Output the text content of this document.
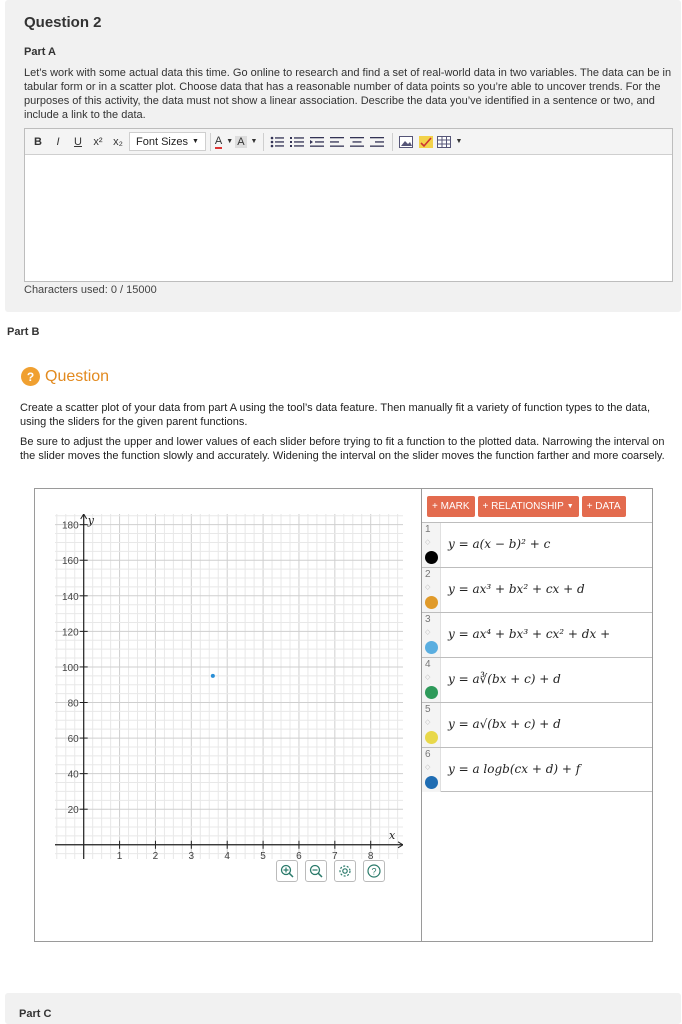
Question 2
Part A
Let’s work with some actual data this time. Go online to research and find a set of real-world data in two variables. The data can be in tabular form or in a scatter plot. Choose data that has a reasonable number of data points so you’re able to uncover trends. For the purposes of this activity, the data must not show a linear association. Describe the data you’ve identified in a sentence or two, and include a link to the data.
B	I	U	x² x₂	Font Sizes ▼ A ▼ A ▼	▼
Characters used: 0 / 15000
Part B
? Question
Create a scatter plot of your data from part A using the tool’s data feature. Then manually fit a variety of function types to the data, using the sliders for the given parent functions.
Be sure to adjust the upper and lower values of each slider before trying to fit a function to the plotted data. Narrowing the interval on the slider moves the function slowly and accurately. Widening the interval on the slider moves the function farther and more coarsely.
1	2	3	4	5	6	7	8
20
40
60
80
100
120
140
160
180
x
y
?
+ MARK	+ RELATIONSHIP ▼	+ DATA
1
◇ y = a(x − b)² + c
2
◇ y = ax³ + bx² + cx + d
3
◇ y = ax⁴ + bx³ + cx² + dx +
4
◇ y = a∛(bx + c) + d
5
◇ y = a√(bx + c) + d
6
◇ y = a logb(cx + d) + f
Part C
